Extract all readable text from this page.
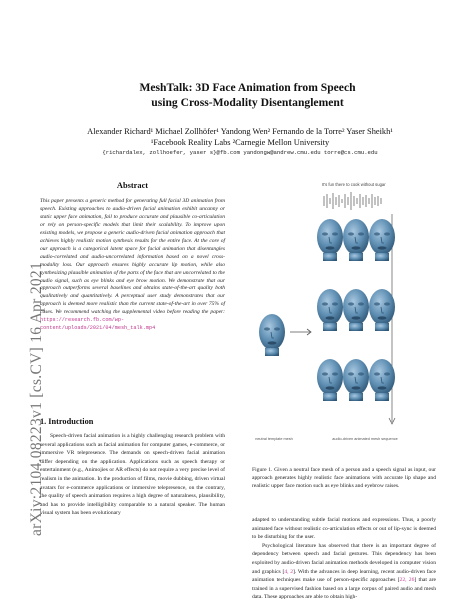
arXiv:2104.08223v1 [cs.CV] 16 Apr 2021
MeshTalk: 3D Face Animation from Speech
using Cross-Modality Disentanglement
Alexander Richard¹ Michael Zollhöfer¹ Yandong Wen² Fernando de la Torre² Yaser Sheikh¹
¹Facebook Reality Labs ²Carnegie Mellon University
{richardalex, zollhoefer, yaser s}@fb.com yandongw@andrew.cmu.edu torre@cs.cmu.edu
Abstract
This paper presents a generic method for generating full facial 3D animation from speech. Existing approaches to audio-driven facial animation exhibit uncanny or static upper face animation, fail to produce accurate and plausible co-articulation or rely on person-specific models that limit their scalability. To improve upon existing models, we propose a generic audio-driven facial animation approach that achieves highly realistic motion synthesis results for the entire face. At the core of our approach is a categorical latent space for facial animation that disentangles audio-correlated and audio-uncorrelated information based on a novel cross-modality loss. Our approach ensures highly accurate lip motion, while also synthesizing plausible animation of the parts of the face that are uncorrelated to the audio signal, such as eye blinks and eye brow motion. We demonstrate that our approach outperforms several baselines and obtains state-of-the-art quality both qualitatively and quantitatively. A perceptual user study demonstrates that our approach is deemed more realistic than the current state-of-the-art in over 75% of cases. We recommend watching the supplemental video before reading the paper: https://research.fb.com/wp-content/uploads/2021/04/mesh_talk.mp4
1. Introduction
Speech-driven facial animation is a highly challenging research problem with several applications such as facial animation for computer games, e-commerce, or immersive VR telepresence. The demands on speech-driven facial animation differ depending on the application. Applications such as speech therapy or entertainment (e.g., Animojies or AR effects) do not require a very precise level of realism in the animation. In the production of films, movie dubbing, driven virtual avatars for e-commerce applications or immersive telepresence, on the contrary, the quality of speech animation requires a high degree of naturalness, plausibility, and has to provide intelligibility comparable to a natural speaker. The human visual system has been evolutionary
It's fun there to cook without sugar
neutral template mesh	audio-driven animated mesh sequence
Figure 1. Given a neutral face mesh of a person and a speech signal as input, our approach generates highly realistic face animations with accurate lip shape and realistic upper face motion such as eye blinks and eyebrow raises.

adapted to understanding subtle facial motions and expressions. Thus, a poorly animated face without realistic co-articulation effects or out of lip-sync is deemed to be disturbing for the user.

Psychological literature has observed that there is an important degree of dependency between speech and facial gestures. This dependency has been exploited by audio-driven facial animation methods developed in computer vision and graphics [4, 2]. With the advances in deep learning, recent audio-driven face animation techniques make use of person-specific approaches [22, 26] that are trained in a supervised fashion based on a large corpus of paired audio and mesh data. These approaches are able to obtain high-
